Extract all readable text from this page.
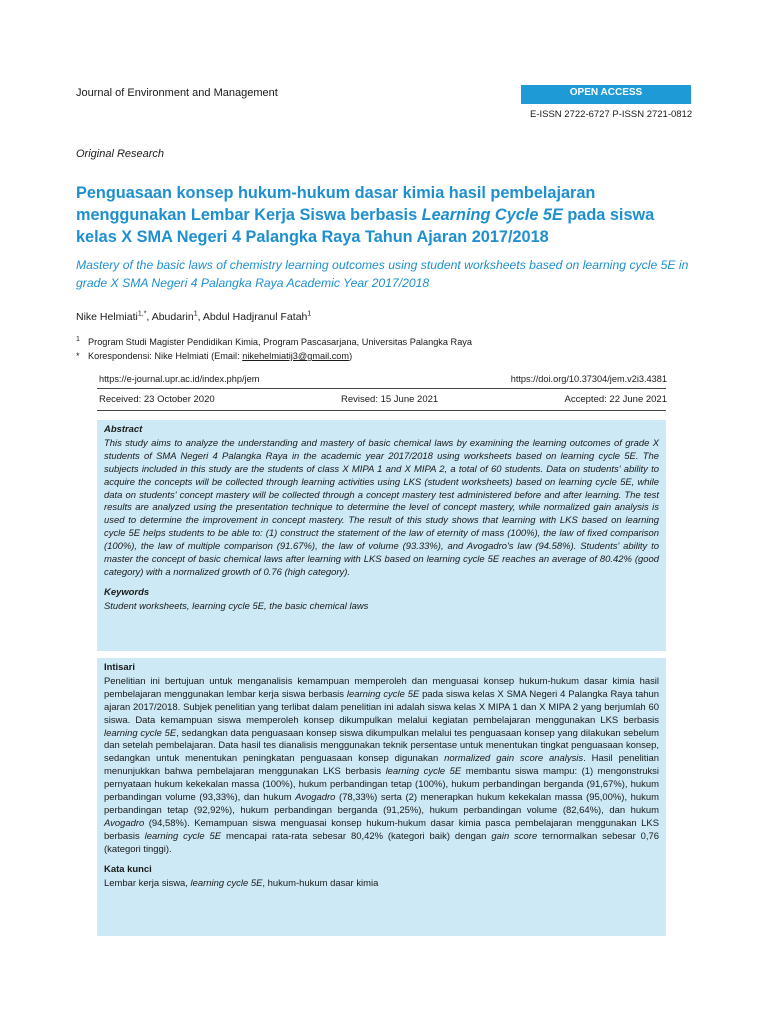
Journal of Environment and Management	OPEN ACCESS
E-ISSN 2722-6727 P-ISSN 2721-0812
Original Research
Penguasaan konsep hukum-hukum dasar kimia hasil pembelajaran menggunakan Lembar Kerja Siswa berbasis Learning Cycle 5E pada siswa kelas X SMA Negeri 4 Palangka Raya Tahun Ajaran 2017/2018
Mastery of the basic laws of chemistry learning outcomes using student worksheets based on learning cycle 5E in grade X SMA Negeri 4 Palangka Raya Academic Year 2017/2018
Nike Helmiati$^{1,*}$, Abudarin$^1$, Abdul Hadjranul Fatah$^1$
$^1$ Program Studi Magister Pendidikan Kimia, Program Pascasarjana, Universitas Palangka Raya
* Korespondensi: Nike Helmiati (Email: nikehelmiatij3@gmail.com)
https://e-journal.upr.ac.id/index.php/jem	https://doi.org/10.37304/jem.v2i3.4381
Received: 23 October 2020	Revised: 15 June 2021	Accepted: 22 June 2021
Abstract
This study aims to analyze the understanding and mastery of basic chemical laws by examining the learning outcomes of grade X students of SMA Negeri 4 Palangka Raya in the academic year 2017/2018 using worksheets based on learning cycle 5E. The subjects included in this study are the students of class X MIPA 1 and X MIPA 2, a total of 60 students. Data on students' ability to acquire the concepts will be collected through learning activities using LKS (student worksheets) based on learning cycle 5E, while data on students' concept mastery will be collected through a concept mastery test administered before and after learning. The test results are analyzed using the presentation technique to determine the level of concept mastery, while normalized gain analysis is used to determine the improvement in concept mastery. The result of this study shows that learning with LKS based on learning cycle 5E helps students to be able to: (1) construct the statement of the law of eternity of mass (100%), the law of fixed comparison (100%), the law of multiple comparison (91.67%), the law of volume (93.33%), and Avogadro's law (94.58%). Students' ability to master the concept of basic chemical laws after learning with LKS based on learning cycle 5E reaches an average of 80.42% (good category) with a normalized growth of 0.76 (high category).
Keywords
Student worksheets, learning cycle 5E, the basic chemical laws
Intisari
Penelitian ini bertujuan untuk menganalisis kemampuan memperoleh dan menguasai konsep hukum-hukum dasar kimia hasil pembelajaran menggunakan lembar kerja siswa berbasis learning cycle 5E pada siswa kelas X SMA Negeri 4 Palangka Raya tahun ajaran 2017/2018. Subjek penelitian yang terlibat dalam penelitian ini adalah siswa kelas X MIPA 1 dan X MIPA 2 yang berjumlah 60 siswa. Data kemampuan siswa memperoleh konsep dikumpulkan melalui kegiatan pembelajaran menggunakan LKS berbasis learning cycle 5E, sedangkan data penguasaan konsep siswa dikumpulkan melalui tes penguasaan konsep yang dilakukan sebelum dan setelah pembelajaran. Data hasil tes dianalisis menggunakan teknik persentase untuk menentukan tingkat penguasaan konsep, sedangkan untuk menentukan peningkatan penguasaan konsep digunakan normalized gain score analysis. Hasil penelitian menunjukkan bahwa pembelajaran menggunakan LKS berbasis learning cycle 5E membantu siswa mampu: (1) mengonstruksi pernyataan hukum kekekalan massa (100%), hukum perbandingan tetap (100%), hukum perbandingan berganda (91,67%), hukum perbandingan volume (93,33%), dan hukum Avogadro (78,33%) serta (2) menerapkan hukum kekekalan massa (95,00%), hukum perbandingan tetap (92,92%), hukum perbandingan berganda (91,25%), hukum perbandingan volume (82,64%), dan hukum Avogadro (94,58%). Kemampuan siswa menguasai konsep hukum-hukum dasar kimia pasca pembelajaran menggunakan LKS berbasis learning cycle 5E mencapai rata-rata sebesar 80,42% (kategori baik) dengan gain score ternormalkan sebesar 0,76 (kategori tinggi).
Kata kunci
Lembar kerja siswa, learning cycle 5E, hukum-hukum dasar kimia
